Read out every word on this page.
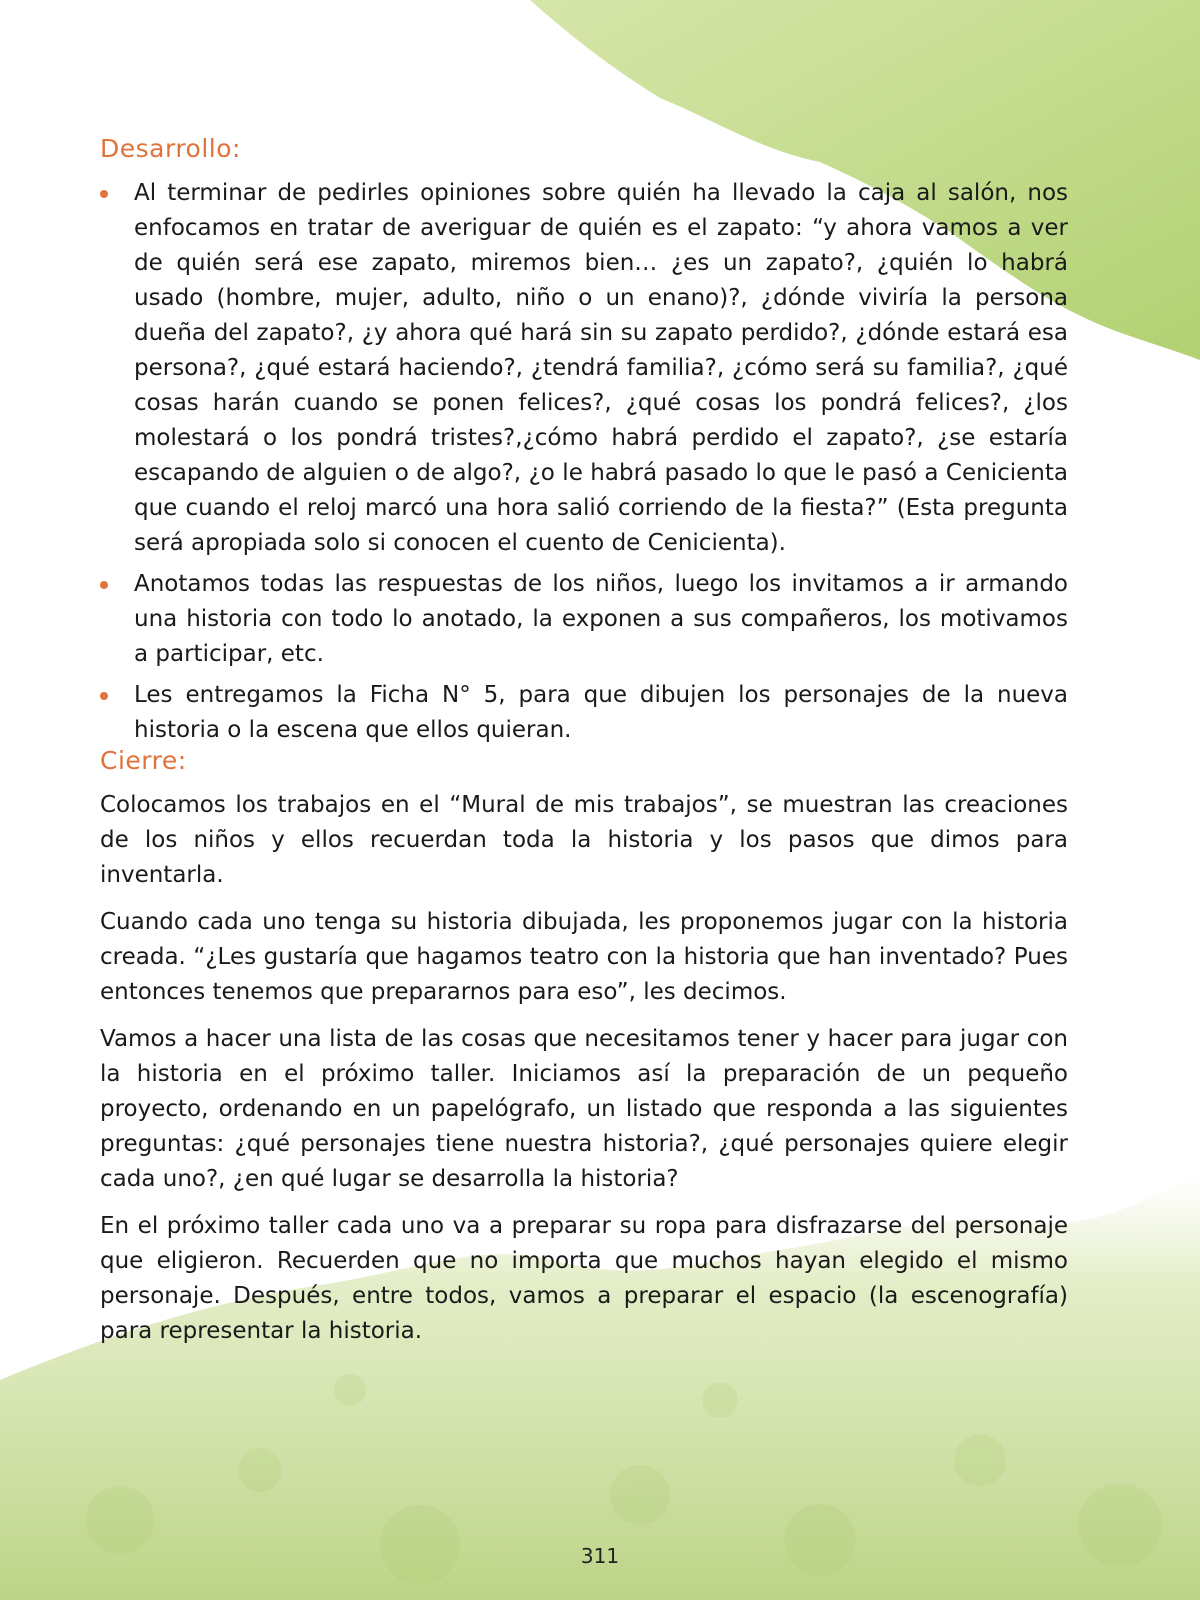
Desarrollo:
Al terminar de pedirles opiniones sobre quién ha llevado la caja al salón, nos enfocamos en tratar de averiguar de quién es el zapato: “y ahora vamos a ver de quién será ese zapato, miremos bien… ¿es un zapato?, ¿quién lo habrá usado (hombre, mujer, adulto, niño o un enano)?, ¿dónde viviría la persona dueña del zapato?, ¿y ahora qué hará sin su zapato perdido?, ¿dónde estará esa persona?, ¿qué estará haciendo?, ¿tendrá familia?, ¿cómo será su familia?, ¿qué cosas harán cuando se ponen felices?, ¿qué cosas los pondrá felices?, ¿los molestará o los pondrá tristes?,¿cómo habrá perdido el zapato?, ¿se estaría escapando de alguien o de algo?, ¿o le habrá pasado lo que le pasó a Cenicienta que cuando el reloj marcó una hora salió corriendo de la fiesta?” (Esta pregunta será apropiada solo si conocen el cuento de Cenicienta).
Anotamos todas las respuestas de los niños, luego los invitamos a ir armando una historia con todo lo anotado, la exponen a sus compañeros, los motivamos a participar, etc.
Les entregamos la Ficha N° 5, para que dibujen los personajes de la nueva historia o la escena que ellos quieran.
Cierre:

Colocamos los trabajos en el “Mural de mis trabajos”, se muestran las creaciones de los niños y ellos recuerdan toda la historia y los pasos que dimos para inventarla.

Cuando cada uno tenga su historia dibujada, les proponemos jugar con la historia creada. “¿Les gustaría que hagamos teatro con la historia que han inventado? Pues entonces tenemos que prepararnos para eso”, les decimos.

Vamos a hacer una lista de las cosas que necesitamos tener y hacer para jugar con la historia en el próximo taller. Iniciamos así la preparación de un pequeño proyecto, ordenando en un papelógrafo, un listado que responda a las siguientes preguntas: ¿qué personajes tiene nuestra historia?, ¿qué personajes quiere elegir cada uno?, ¿en qué lugar se desarrolla la historia?

En el próximo taller cada uno va a preparar su ropa para disfrazarse del personaje que eligieron. Recuerden que no importa que muchos hayan elegido el mismo personaje. Después, entre todos, vamos a preparar el espacio (la escenografía) para representar la historia.

311
